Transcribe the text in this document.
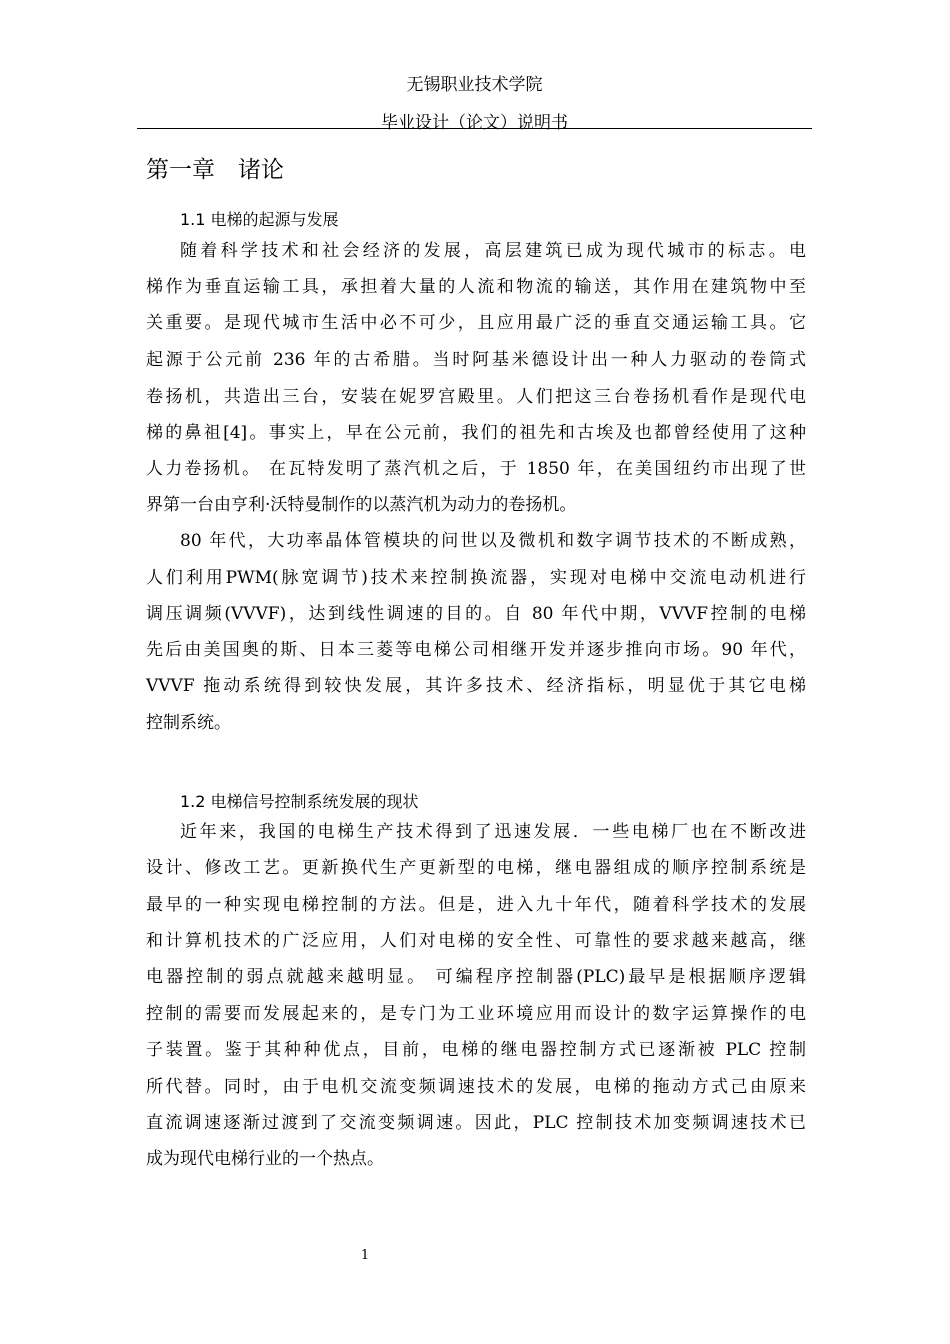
无锡职业技术学院
毕业设计（论文）说明书
第一章　诸论
1.1 电梯的起源与发展
随着科学技术和社会经济的发展，高层建筑已成为现代城市的标志。电
梯作为垂直运输工具，承担着大量的人流和物流的输送，其作用在建筑物中至
关重要。是现代城市生活中必不可少，且应用最广泛的垂直交通运输工具。它
起源于公元前 236 年的古希腊。当时阿基米德设计出一种人力驱动的卷筒式
卷扬机，共造出三台，安装在妮罗宫殿里。人们把这三台卷扬机看作是现代电
梯的鼻祖[4]。事实上，早在公元前，我们的祖先和古埃及也都曾经使用了这种
人力卷扬机。 在瓦特发明了蒸汽机之后，于 1850 年，在美国纽约市出现了世
界第一台由亨利·沃特曼制作的以蒸汽机为动力的卷扬机。
80 年代，大功率晶体管模块的问世以及微机和数字调节技术的不断成熟，
人们利用PWM(脉宽调节)技术来控制换流器，实现对电梯中交流电动机进行
调压调频(VVVF)，达到线性调速的目的。自 80 年代中期，VVVF控制的电梯
先后由美国奥的斯、日本三菱等电梯公司相继开发并逐步推向市场。90 年代，
VVVF 拖动系统得到较快发展，其许多技术、经济指标，明显优于其它电梯
控制系统。
1.2 电梯信号控制系统发展的现状
近年来，我国的电梯生产技术得到了迅速发展．一些电梯厂也在不断改进
设计、修改工艺。更新换代生产更新型的电梯，继电器组成的顺序控制系统是
最早的一种实现电梯控制的方法。但是，进入九十年代，随着科学技术的发展
和计算机技术的广泛应用，人们对电梯的安全性、可靠性的要求越来越高，继
电器控制的弱点就越来越明显。 可编程序控制器(PLC)最早是根据顺序逻辑
控制的需要而发展起来的，是专门为工业环境应用而设计的数字运算操作的电
子装置。鉴于其种种优点，目前，电梯的继电器控制方式已逐渐被 PLC 控制
所代替。同时，由于电机交流变频调速技术的发展，电梯的拖动方式己由原来
直流调速逐渐过渡到了交流变频调速。因此，PLC 控制技术加变频调速技术已
成为现代电梯行业的一个热点。
1
